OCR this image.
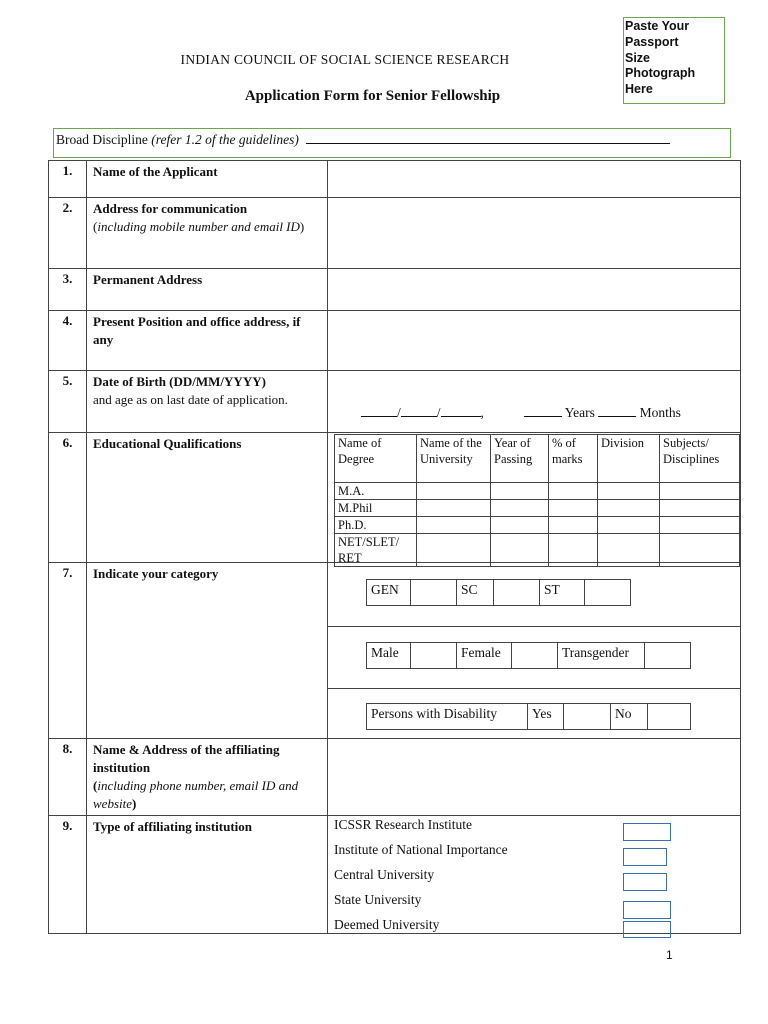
Paste Your
Passport
Size
Photograph
Here
INDIAN COUNCIL OF SOCIAL SCIENCE RESEARCH
Application Form for Senior Fellowship
Broad Discipline (refer 1.2 of the guidelines)
1.	Name of the Applicant	
2.	Address for communication
(including mobile number and email ID)	
3.	Permanent Address	
4.	Present Position and office address, if any	
5.	Date of Birth (DD/MM/YYYY)
and age as on last date of application.	

/	/	,	Years	Months

6.	Educational Qualifications		Name of Degree	Name of the University	Year of Passing	% of marks	Division	Subjects/ Disciplines
M.A.					
M.Phil					
Ph.D.					
NET/SLET/ RET					

7.	Indicate your category	
GEN		SC		ST	
Male		Female		Transgender	
Persons with Disability	Yes		No	

8.	Name & Address of the affiliating institution
(including phone number, email ID and website)	
9.	Type of affiliating institution	ICSSR Research Institute
Institute of National Importance
Central University
State University
Deemed University
1
